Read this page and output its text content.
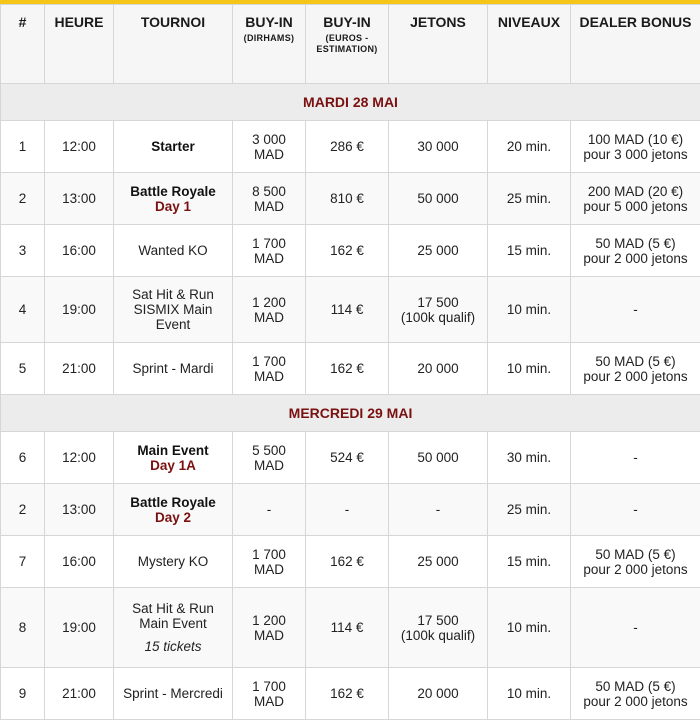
#	HEURE	TOURNOI	BUY-IN
(DIRHAMS)	BUY-IN
(EUROS - ESTIMATION)	JETONS	NIVEAUX	DEALER BONUS

MARDI 28 MAI							
1	12:00	Starter	3 000
MAD	286 €	30 000	20 min.	100 MAD (10 €)
pour 3 000 jetons

2	13:00	Battle Royale
Day 1	8 500
MAD	810 €	50 000	25 min.	200 MAD (20 €)
pour 5 000 jetons

3	16:00	Wanted KO	1 700
MAD	162 €	25 000	15 min.	50 MAD (5 €)
pour 2 000 jetons

4	19:00	Sat Hit & Run SISMIX Main Event	1 200
MAD	114 €	17 500
(100k qualif)	10 min.	-

5	21:00	Sprint - Mardi	1 700
MAD	162 €	20 000	10 min.	50 MAD (5 €)
pour 2 000 jetons

MERCREDI 29 MAI							
6	12:00	Main Event
Day 1A	5 500
MAD	524 €	50 000	30 min.	-

2	13:00	Battle Royale
Day 2	-	-	-	25 min.	-

7	16:00	Mystery KO	1 700
MAD	162 €	25 000	15 min.	50 MAD (5 €)
pour 2 000 jetons

8	19:00	Sat Hit & Run Main Event
15 tickets	1 200
MAD	114 €	17 500
(100k qualif)	10 min.	-

9	21:00	Sprint - Mercredi	1 700
MAD	162 €	20 000	10 min.	50 MAD (5 €)
pour 2 000 jetons
